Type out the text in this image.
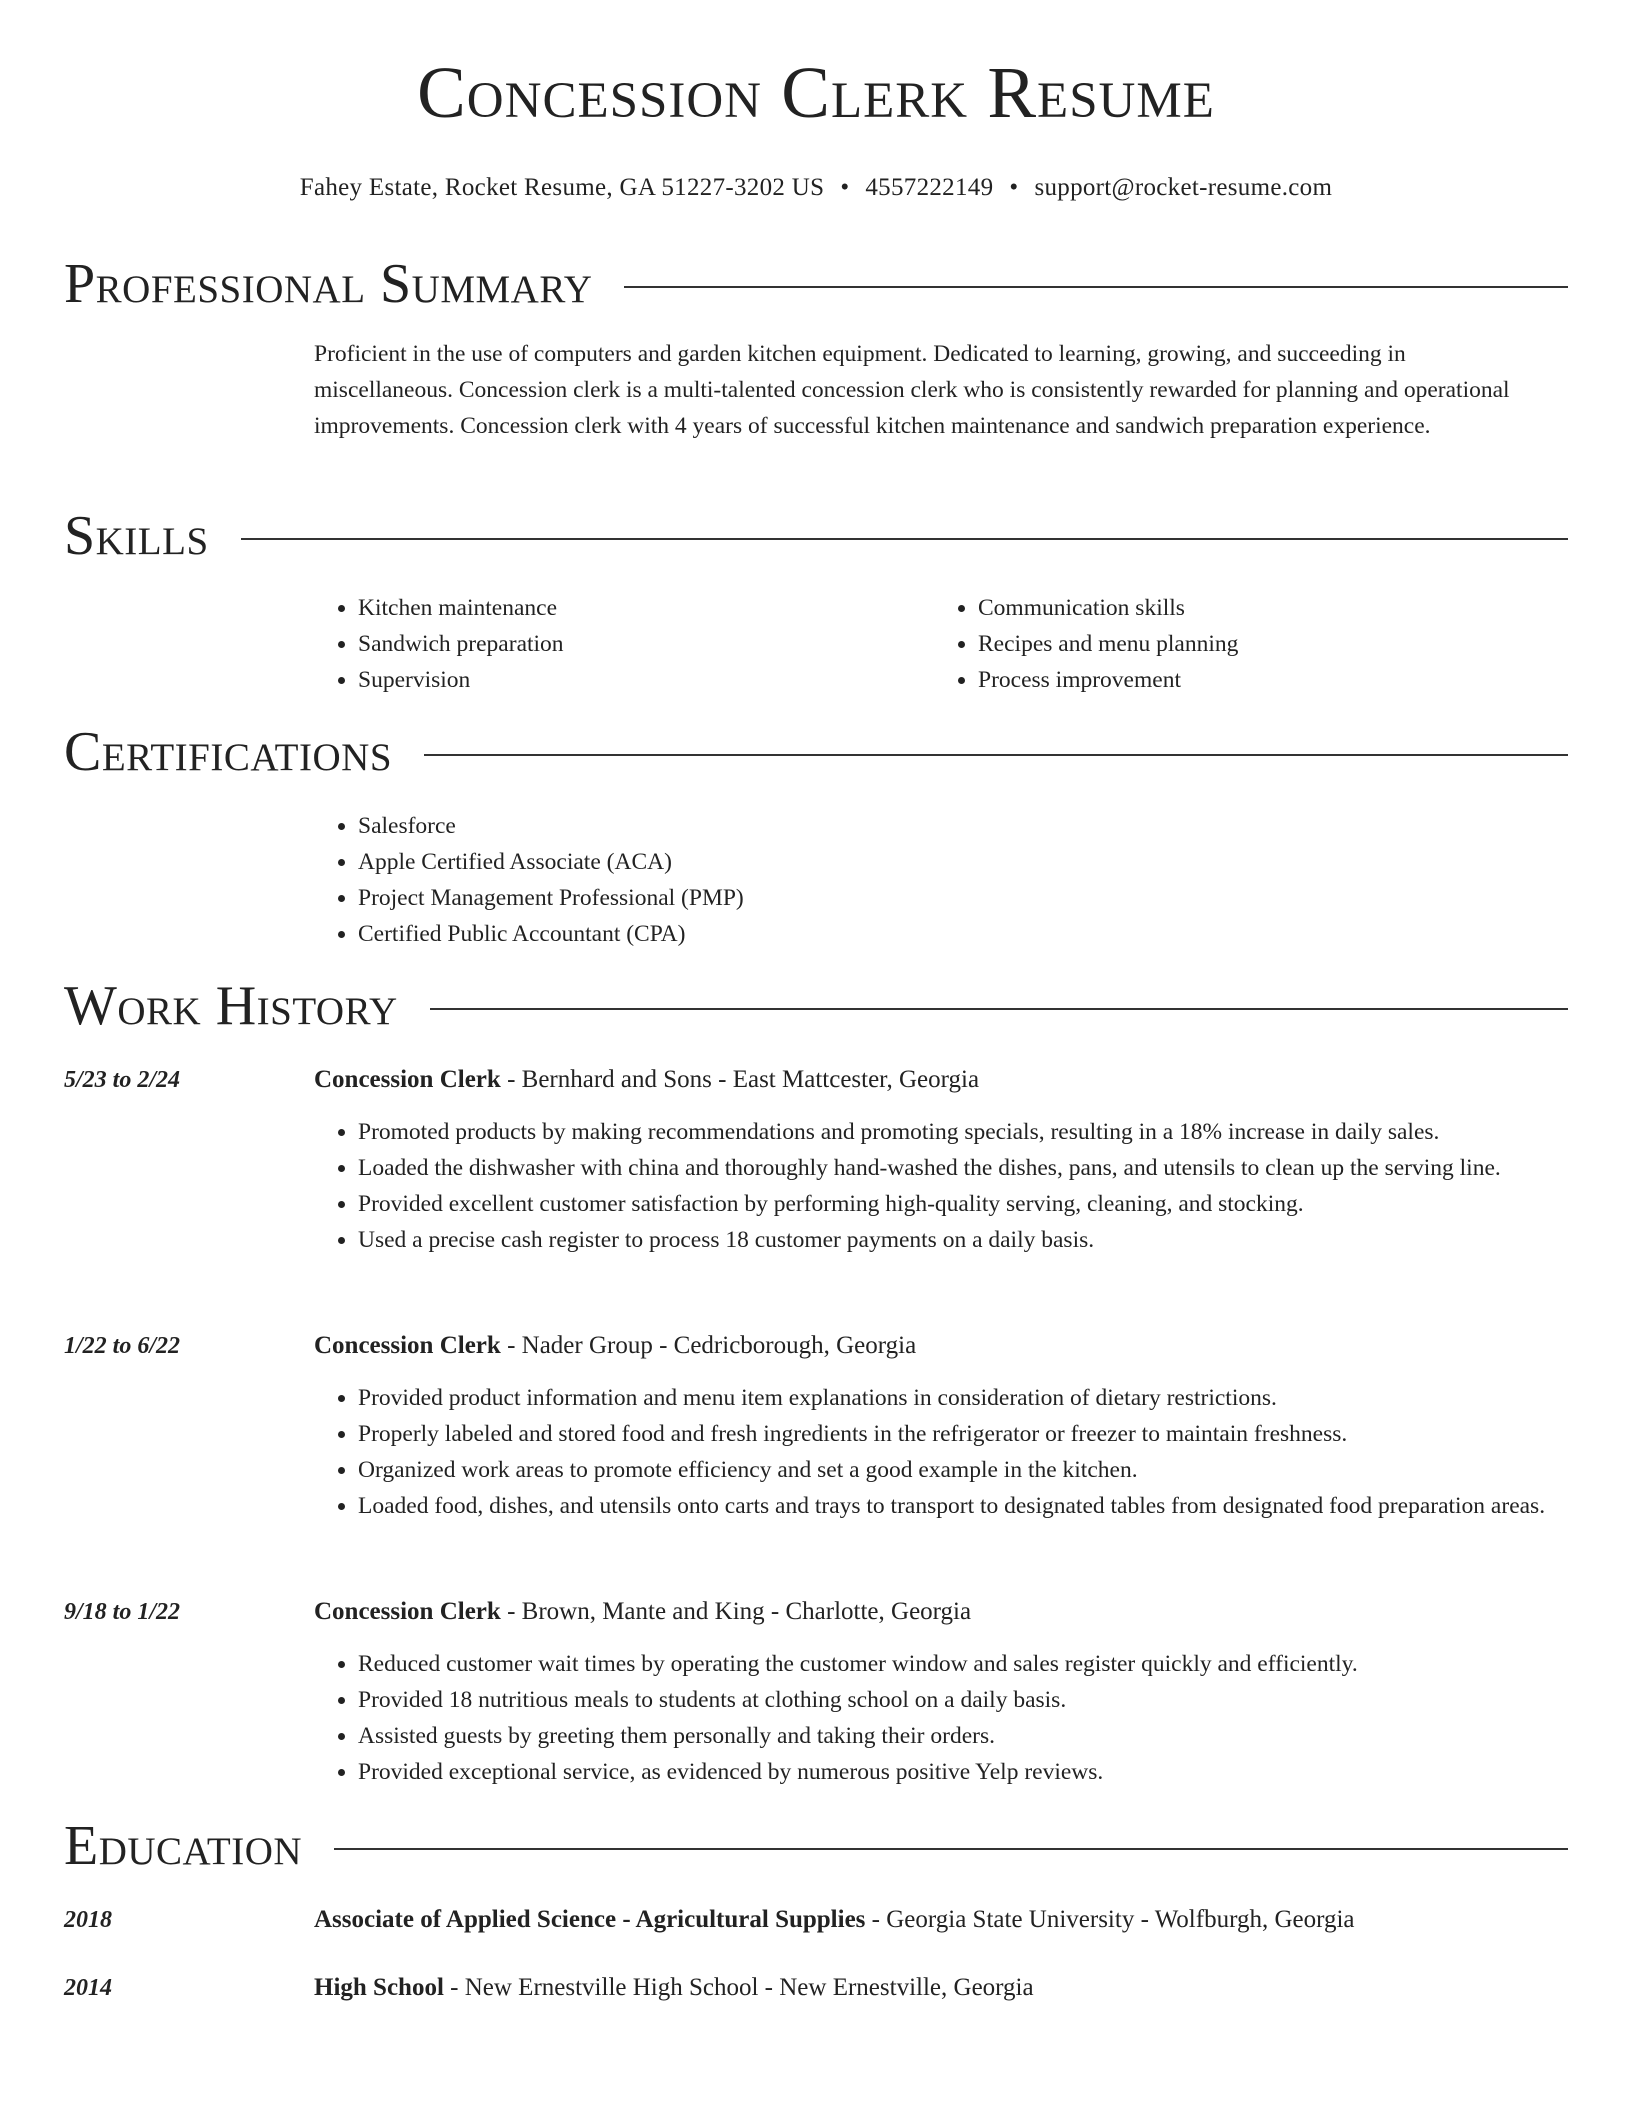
Concession Clerk Resume
Fahey Estate, Rocket Resume, GA 51227-3202 US • 4557222149 • support@rocket-resume.com
Professional Summary

Proficient in the use of computers and garden kitchen equipment. Dedicated to learning, growing, and succeeding in miscellaneous. Concession clerk is a multi-talented concession clerk who is consistently rewarded for planning and operational improvements. Concession clerk with 4 years of successful kitchen maintenance and sandwich preparation experience.

Skills
• Kitchen maintenance
• Sandwich preparation
• Supervision
• Communication skills
• Recipes and menu planning
• Process improvement
Certifications
• Salesforce
• Apple Certified Associate (ACA)
• Project Management Professional (PMP)
• Certified Public Accountant (CPA)
Work History
5/23 to 2/24	Concession Clerk - Bernhard and Sons - East Mattcester, Georgia
• Promoted products by making recommendations and promoting specials, resulting in a 18% increase in daily sales.
• Loaded the dishwasher with china and thoroughly hand-washed the dishes, pans, and utensils to clean up the serving line.
• Provided excellent customer satisfaction by performing high-quality serving, cleaning, and stocking.
• Used a precise cash register to process 18 customer payments on a daily basis.
1/22 to 6/22	Concession Clerk - Nader Group - Cedricborough, Georgia
• Provided product information and menu item explanations in consideration of dietary restrictions.
• Properly labeled and stored food and fresh ingredients in the refrigerator or freezer to maintain freshness.
• Organized work areas to promote efficiency and set a good example in the kitchen.
• Loaded food, dishes, and utensils onto carts and trays to transport to designated tables from designated food preparation areas.
9/18 to 1/22	Concession Clerk - Brown, Mante and King - Charlotte, Georgia
• Reduced customer wait times by operating the customer window and sales register quickly and efficiently.
• Provided 18 nutritious meals to students at clothing school on a daily basis.
• Assisted guests by greeting them personally and taking their orders.
• Provided exceptional service, as evidenced by numerous positive Yelp reviews.
Education
2018	Associate of Applied Science - Agricultural Supplies - Georgia State University - Wolfburgh, Georgia
2014	High School - New Ernestville High School - New Ernestville, Georgia
